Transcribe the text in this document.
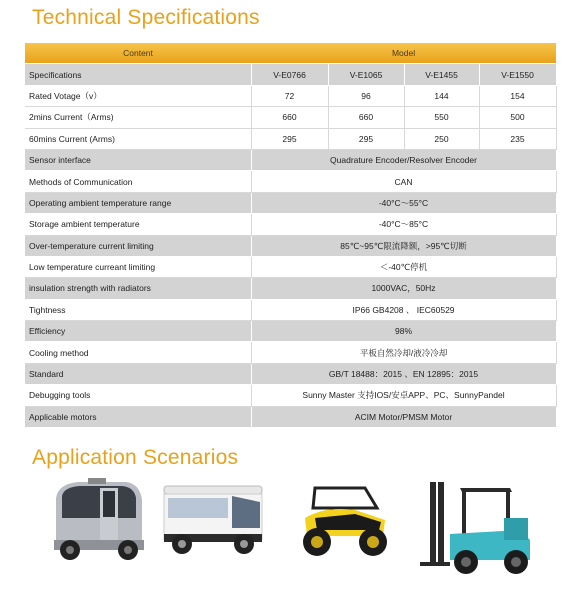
Technical Specifications
Content	Model			
Specifications	V-E0766	V-E1065	V-E1455	V-E1550
Rated Votage（v）	72	96	144	154
2mins Current（Arms)	660	660	550	500
60mins Current (Arms)	295	295	250	235
Sensor interface	Quadrature Encoder/Resolver Encoder			
Methods of Communication	CAN			
Operating ambient temperature range	-40°C～55°C			
Storage ambient temperature	-40°C～85°C			
Over-temperature current limiting	85℃~95℃限流降额，>95℃切断			
Low temperature curreant limiting	＜-40℃停机			
insulation strength with radiators	1000VAC，50Hz			
Tightness	IP66 GB4208 、 IEC60529			
Efficiency	98%			
Cooling method	平板自然冷却/液冷冷却			
Standard	GB/T 18488：2015 、EN 12895：2015			
Debugging tools	Sunny Master 支持IOS/安卓APP、PC、SunnyPandel			
Applicable motors	ACIM Motor/PMSM Motor			
Application Scenarios
